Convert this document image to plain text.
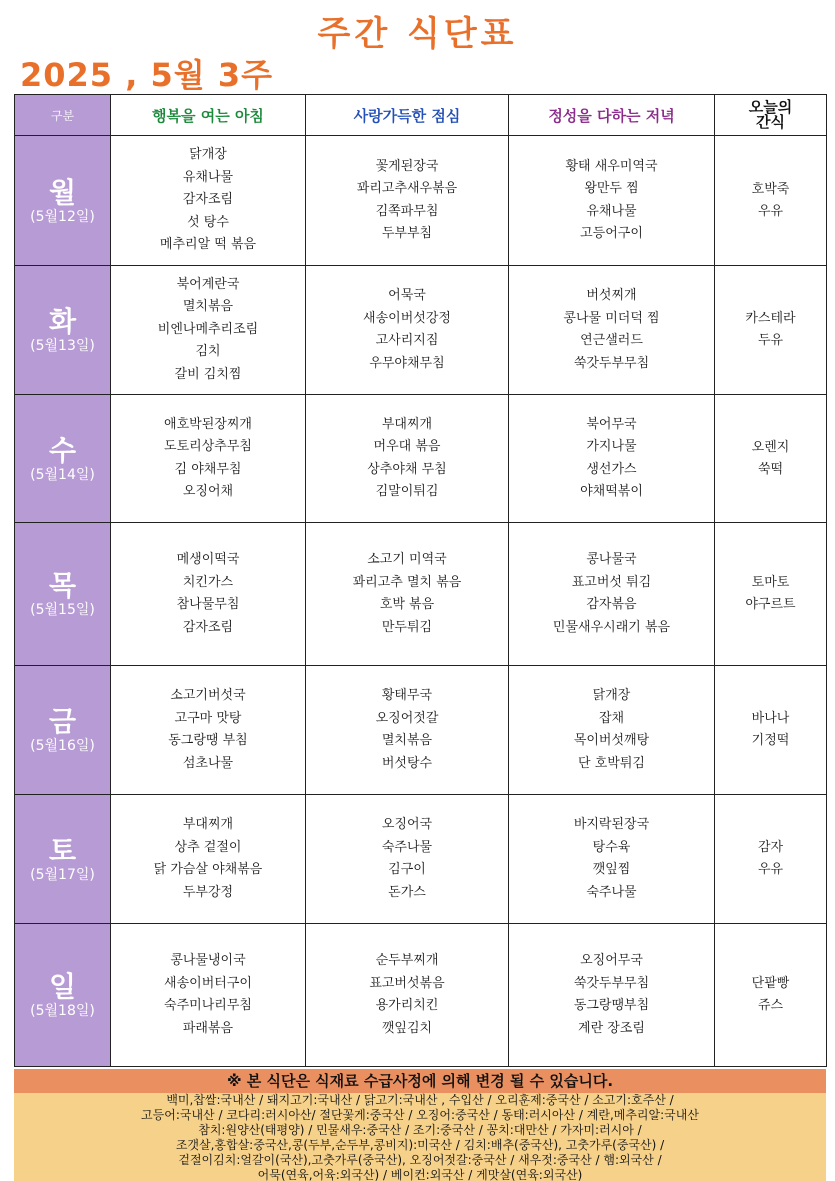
주간 식단표
2025 , 5월 3주
구분	행복을 여는 아침	사랑가득한 점심	정성을 다하는 저녁	오늘의
간식

월
(5월12일)	닭개장
유채나물
감자조림
섯 탕수
메추리알 떡 볶음	꽃게된장국
꽈리고추새우볶음
김쪽파무침
두부부침	황태 새우미역국
왕만두 찜
유채나물
고등어구이	호박죽
우유

화
(5월13일)	북어계란국
멸치볶음
비엔나메추리조림
김치
갈비 김치찜	어묵국
새송이버섯강정
고사리지짐
우무야채무침	버섯찌개
콩나물 미더덕 찜
연근샐러드
쑥갓두부무침	카스테라
두유

수
(5월14일)	애호박된장찌개
도토리상추무침
김 야채무침
오징어채	부대찌개
머우대 볶음
상추야채 무침
김말이튀김	북어무국
가지나물
생선가스
야채떡볶이	오렌지
쑥떡

목
(5월15일)	메생이떡국
치킨가스
참나물무침
감자조림	소고기 미역국
꽈리고추 멸치 볶음
호박 볶음
만두튀김	콩나물국
표고버섯 튀김
감자볶음
민물새우시래기 볶음	토마토
야구르트

금
(5월16일)	소고기버섯국
고구마 맛탕
동그랑땡 부침
섬초나물	황태무국
오징어젓갈
멸치볶음
버섯탕수	닭개장
잡채
목이버섯깨탕
단 호박튀김	바나나
기정떡

토
(5월17일)	부대찌개
상추 겉절이
닭 가슴살 야채볶음
두부강정	오징어국
숙주나물
김구이
돈가스	바지락된장국
탕수육
깻잎찜
숙주나물	감자
우유

일
(5월18일)	콩나물냉이국
새송이버터구이
숙주미나리무침
파래볶음	순두부찌개
표고버섯볶음
용가리치킨
깻잎김치	오징어무국
쑥갓두부무침
동그랑땡부침
계란 장조림	단팥빵
쥬스
※ 본 식단은 식재료 수급사정에 의해 변경 될 수 있습니다.
백미,찹쌀:국내산 / 돼지고기:국내산 / 닭고기:국내산 , 수입산 / 오리훈제:중국산 / 소고기:호주산 /
고등어:국내산 / 코다리:러시아산/ 절단꽃게:중국산 / 오징어:중국산 / 동태:러시아산 / 계란,메추리알:국내산
참치:원양산(태평양) / 민물새우:중국산 / 조기:중국산 / 꽁치:대만산 / 가자미:러시아 /
조갯살,홍합살:중국산,콩(두부,순두부,콩비지):미국산 / 김치:배추(중국산), 고춧가루(중국산) /
겉절이김치:얼갈이(국산),고춧가루(중국산), 오징어젓갈:중국산 / 새우젓:중국산 / 햄:외국산 /
어묵(연육,어육:외국산) / 베이컨:외국산 / 게맛살(연육:외국산)
